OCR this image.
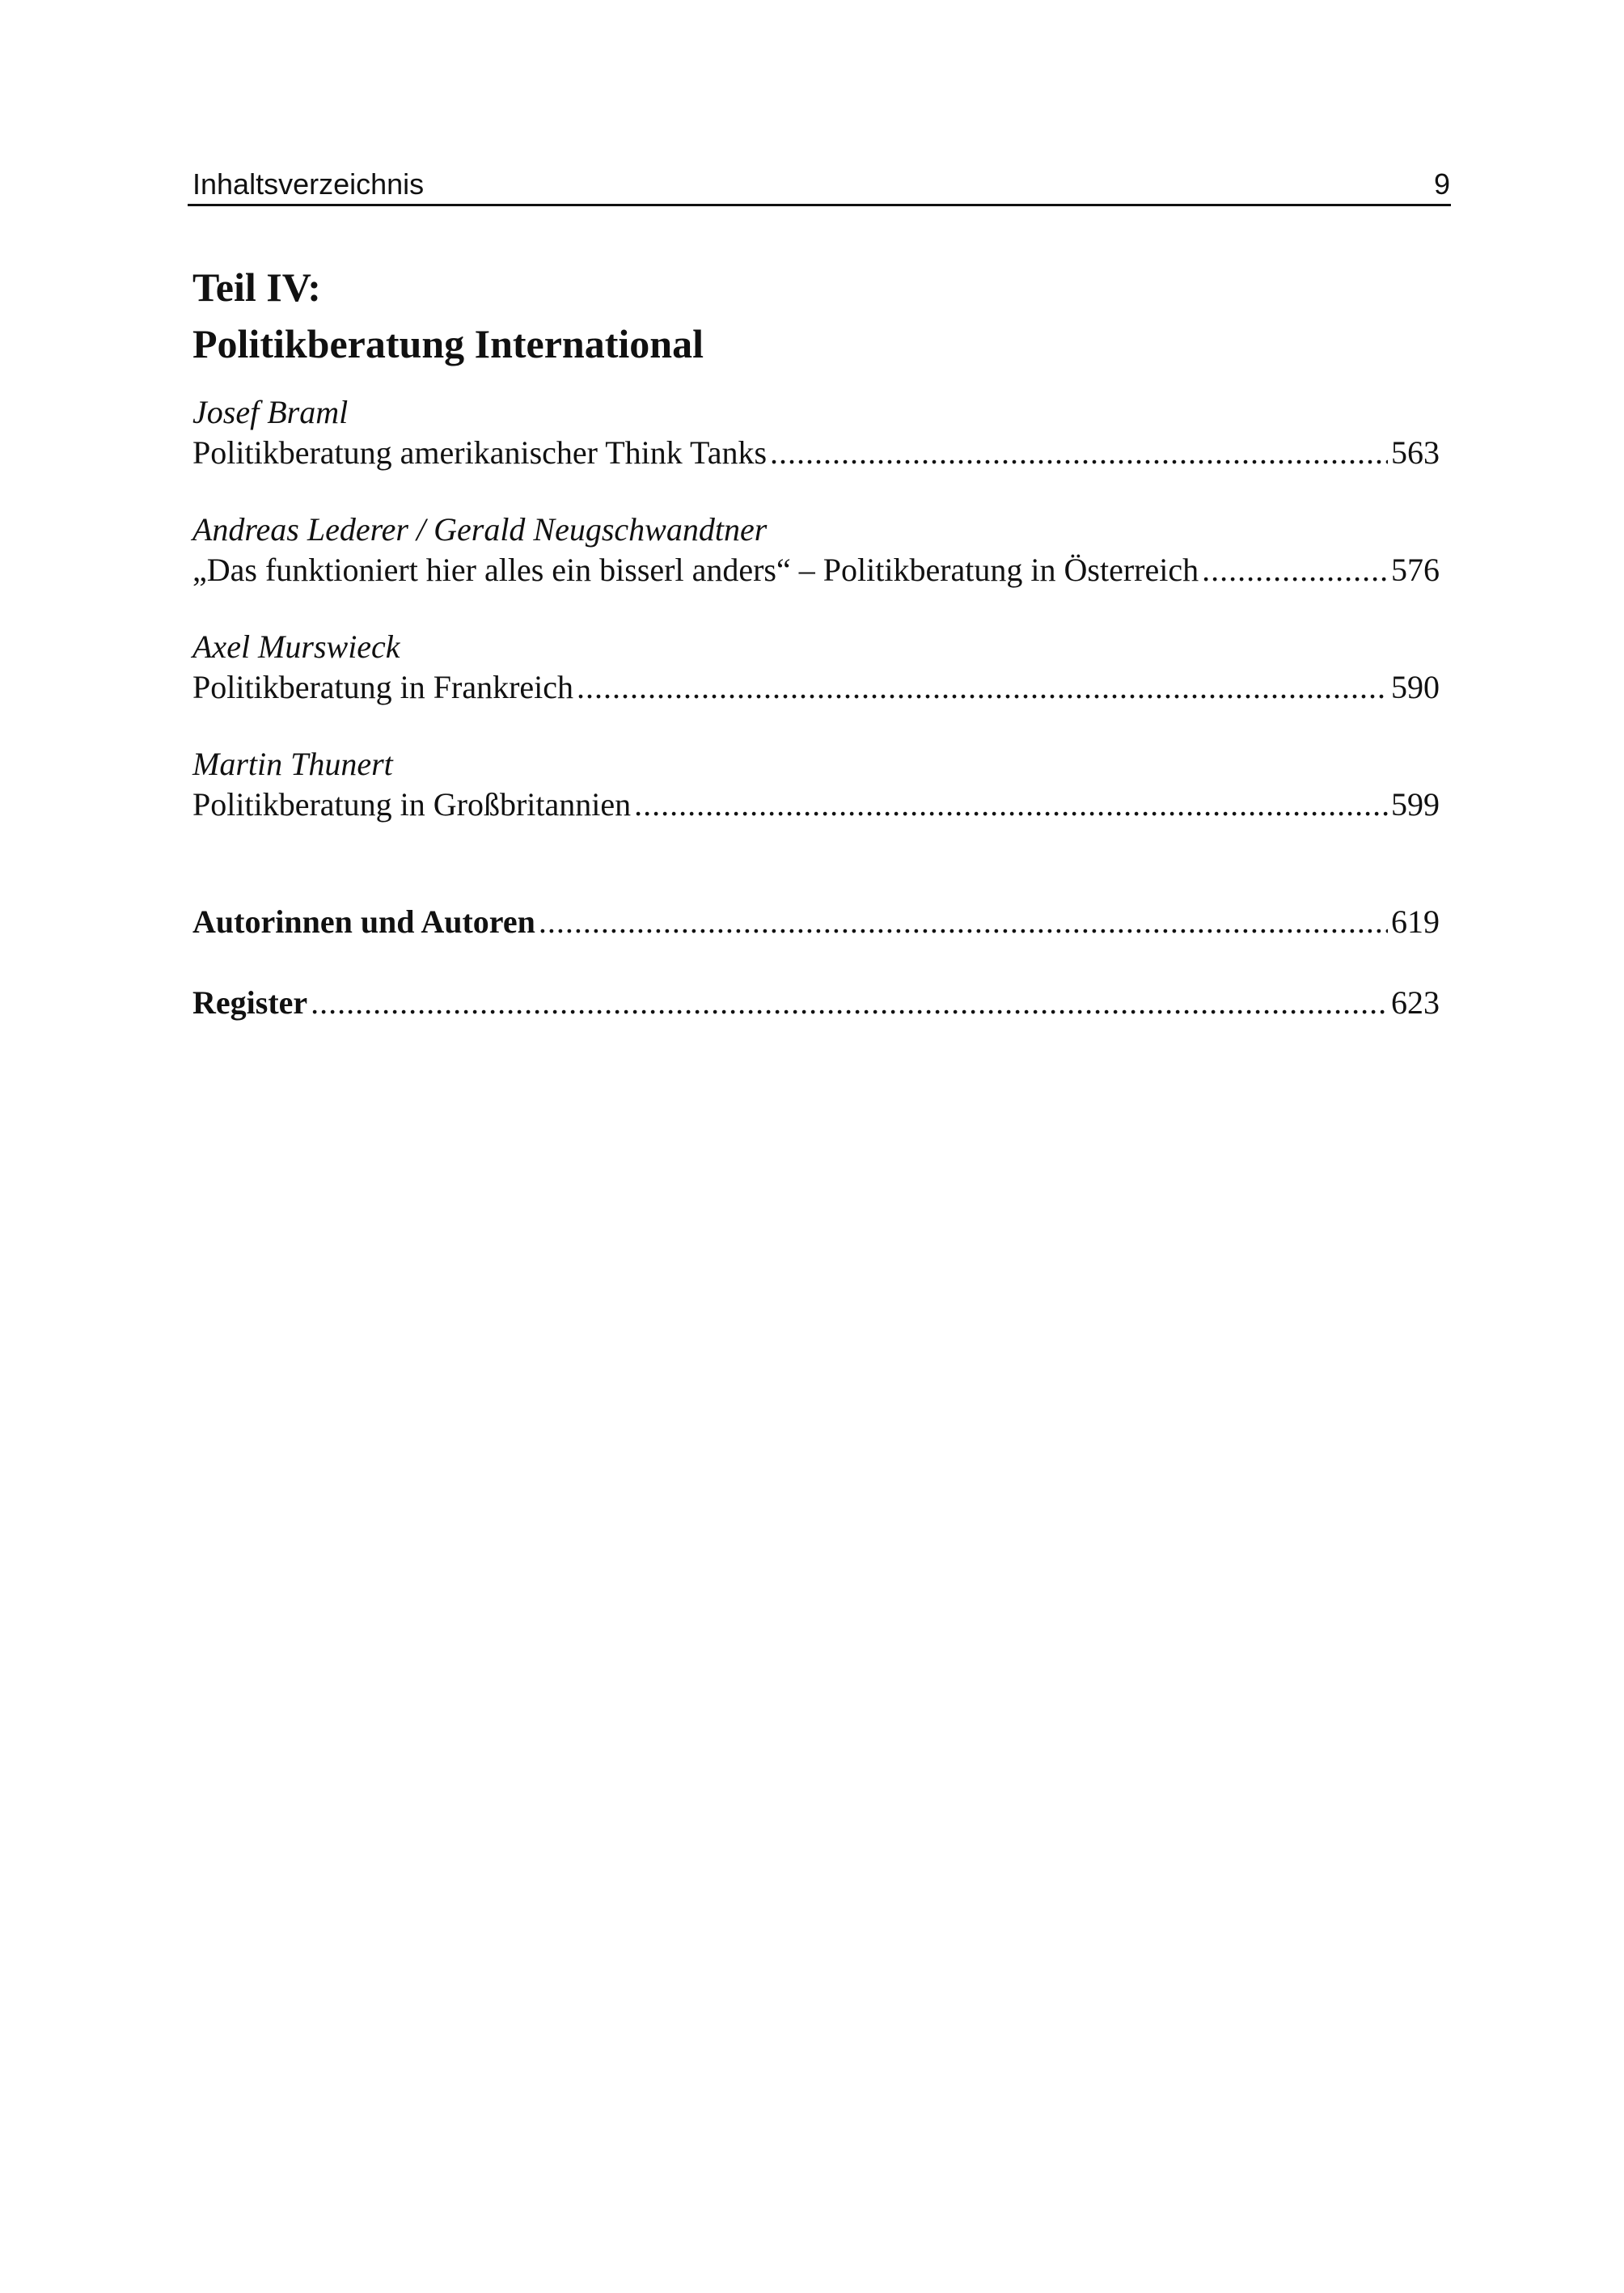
Inhaltsverzeichnis	9
Teil IV:
Politikberatung International
Josef Braml
Politikberatung amerikanischer Think Tanks .....	563
Andreas Lederer / Gerald Neugschwandtner
„Das funktioniert hier alles ein bisserl anders“ – Politikberatung in Österreich .....	576
Axel Murswieck
Politikberatung in Frankreich .....	590
Martin Thunert
Politikberatung in Großbritannien .....	599
Autorinnen und Autoren .....	619
Register .....	623
